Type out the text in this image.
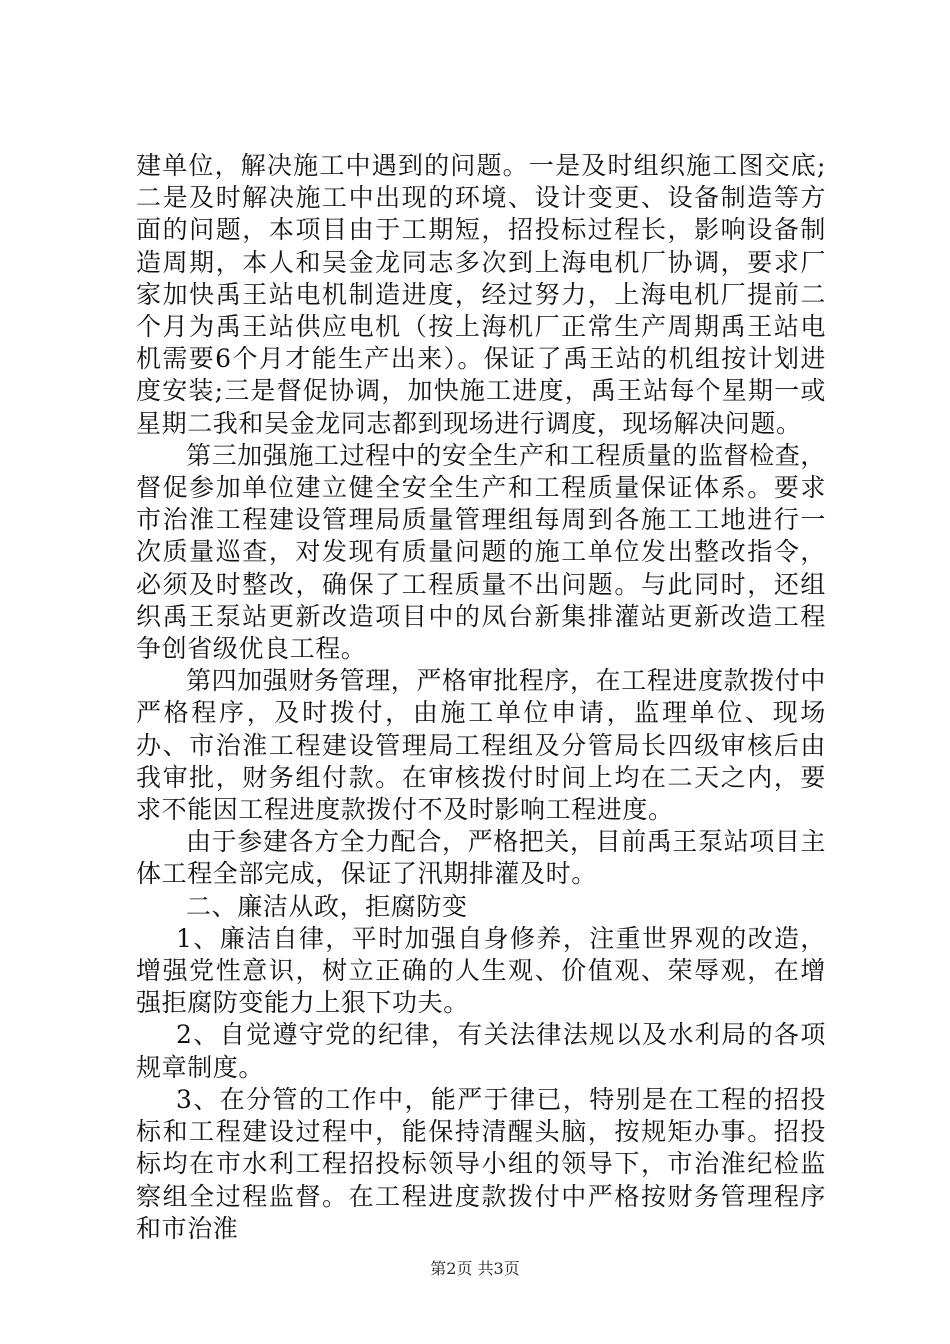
建单位，解决施工中遇到的问题。一是及时组织施工图交底;二是及时解决施工中出现的环境、设计变更、设备制造等方面的问题，本项目由于工期短，招投标过程长，影响设备制造周期，本人和吴金龙同志多次到上海电机厂协调，要求厂家加快禹王站电机制造进度，经过努力，上海电机厂提前二个月为禹王站供应电机（按上海机厂正常生产周期禹王站电机需要6个月才能生产出来）。保证了禹王站的机组按计划进度安装;三是督促协调，加快施工进度，禹王站每个星期一或星期二我和吴金龙同志都到现场进行调度，现场解决问题。

第三加强施工过程中的安全生产和工程质量的监督检查，督促参加单位建立健全安全生产和工程质量保证体系。要求市治淮工程建设管理局质量管理组每周到各施工工地进行一次质量巡查，对发现有质量问题的施工单位发出整改指令，必须及时整改，确保了工程质量不出问题。与此同时，还组织禹王泵站更新改造项目中的凤台新集排灌站更新改造工程争创省级优良工程。

第四加强财务管理，严格审批程序，在工程进度款拨付中严格程序，及时拨付，由施工单位申请，监理单位、现场办、市治淮工程建设管理局工程组及分管局长四级审核后由我审批，财务组付款。在审核拨付时间上均在二天之内，要求不能因工程进度款拨付不及时影响工程进度。

由于参建各方全力配合，严格把关，目前禹王泵站项目主体工程全部完成，保证了汛期排灌及时。

二、廉洁从政，拒腐防变

1、廉洁自律，平时加强自身修养，注重世界观的改造，增强党性意识，树立正确的人生观、价值观、荣辱观，在增强拒腐防变能力上狠下功夫。

2、自觉遵守党的纪律，有关法律法规以及水利局的各项规章制度。

3、在分管的工作中，能严于律已，特别是在工程的招投标和工程建设过程中，能保持清醒头脑，按规矩办事。招投标均在市水利工程招投标领导小组的领导下，市治淮纪检监察组全过程监督。在工程进度款拨付中严格按财务管理程序和市治淮

第2页 共3页
